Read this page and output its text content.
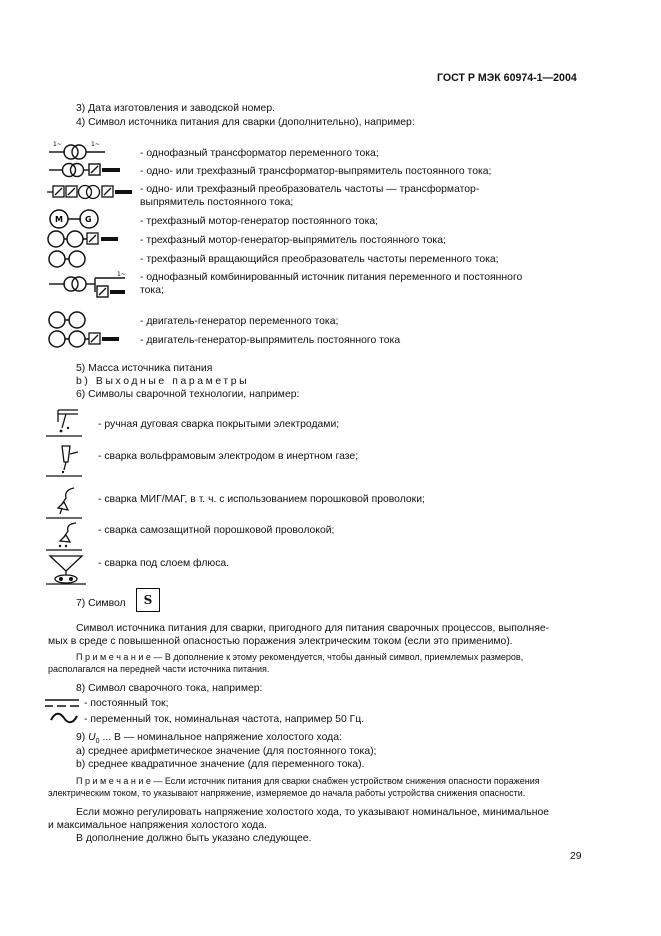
ГОСТ Р МЭК 60974-1—2004
3) Дата изготовления и заводской номер.
4) Символ источника питания для сварки (дополнительно), например:
1~	1~
- однофазный трансформатор переменного тока;
- одно- или трехфазный трансформатор-выпрямитель постоянного тока;
- одно- или трехфазный преобразователь частоты — трансформатор-
выпрямитель постоянного тока;
M	G	- трехфазный мотор-генератор постоянного тока;
- трехфазный мотор-генератор-выпрямитель постоянного тока;
- трехфазный вращающийся преобразователь частоты переменного тока;
1~ - однофазный комбинированный источник питания переменного и постоянного
тока;
- двигатель-генератор переменного тока;
- двигатель-генератор-выпрямитель постоянного тока
5) Масса источника питания
b) Выходные параметры
6) Символы сварочной технологии, например:
- ручная дуговая сварка покрытыми электродами;
- сварка вольфрамовым электродом в инертном газе;
- сварка МИГ/МАГ, в т. ч. с использованием порошковой проволоки;
- сварка самозащитной порошковой проволокой;
- сварка под слоем флюса.
7) Символ	S
Символ источника питания для сварки, пригодного для питания сварочных процессов, выполняе-
мых в среде с повышенной опасностью поражения электрическим током (если это применимо).
П р и м е ч а н и е — В дополнение к этому рекомендуется, чтобы данный символ, приемлемых размеров,
располагался на передней части источника питания.
8) Символ сварочного тока, например:
- постоянный ток;
- переменный ток, номинальная частота, например 50 Гц.
9) $U_0$ ... В — номинальное напряжение холостого хода:
а) среднее арифметическое значение (для постоянного тока);
b) среднее квадратичное значение (для переменного тока).
П р и м е ч а н и е — Если источник питания для сварки снабжен устройством снижения опасности поражения
электрическим током, то указывают напряжение, измеряемое до начала работы устройства снижения опасности.
Если можно регулировать напряжение холостого хода, то указывают номинальное, минимальное
и максимальное напряжения холостого хода.
В дополнение должно быть указано следующее.
29
